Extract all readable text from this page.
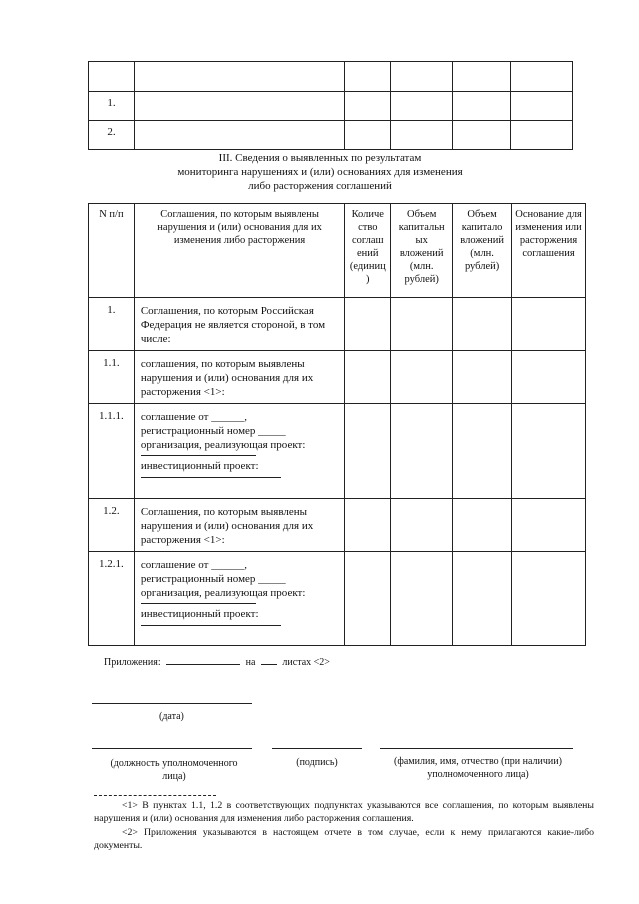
1.					
2.					
III. Сведения о выявленных по результатам
мониторинга нарушениях и (или) основаниях для изменения
либо расторжения соглашений
N п/п	Соглашения, по которым выявлены нарушения и (или) основания для их изменения либо расторжения	Количе ство соглаш ений (единиц )	Объем капитальн ых вложений (млн. рублей)	Объем капитало вложений (млн. рублей)	Основание для изменения или расторжения соглашения
1.	Соглашения, по которым Российская Федерация не является стороной, в том числе:				
1.1.	соглашения, по которым выявлены нарушения и (или) основания для их расторжения <1>:				
1.1.1.	соглашение от ______,
регистрационный номер _____
организация, реализующая проект:
инвестиционный проект:				

1.2.	Соглашения, по которым выявлены нарушения и (или) основания для их расторжения <1>:				
1.2.1.	соглашение от ______,
регистрационный номер _____
организация, реализующая проект:
инвестиционный проект:				

Приложения:	на	листах <2>
(дата)
(должность уполномоченного лица)
(подпись)	(фамилия, имя, отчество (при наличии) уполномоченного лица)
<1> В пунктах 1.1, 1.2 в соответствующих подпунктах указываются все соглашения, по которым выявлены нарушения и (или) основания для изменения либо расторжения соглашения.
<2> Приложения указываются в настоящем отчете в том случае, если к нему прилагаются какие-либо документы.
